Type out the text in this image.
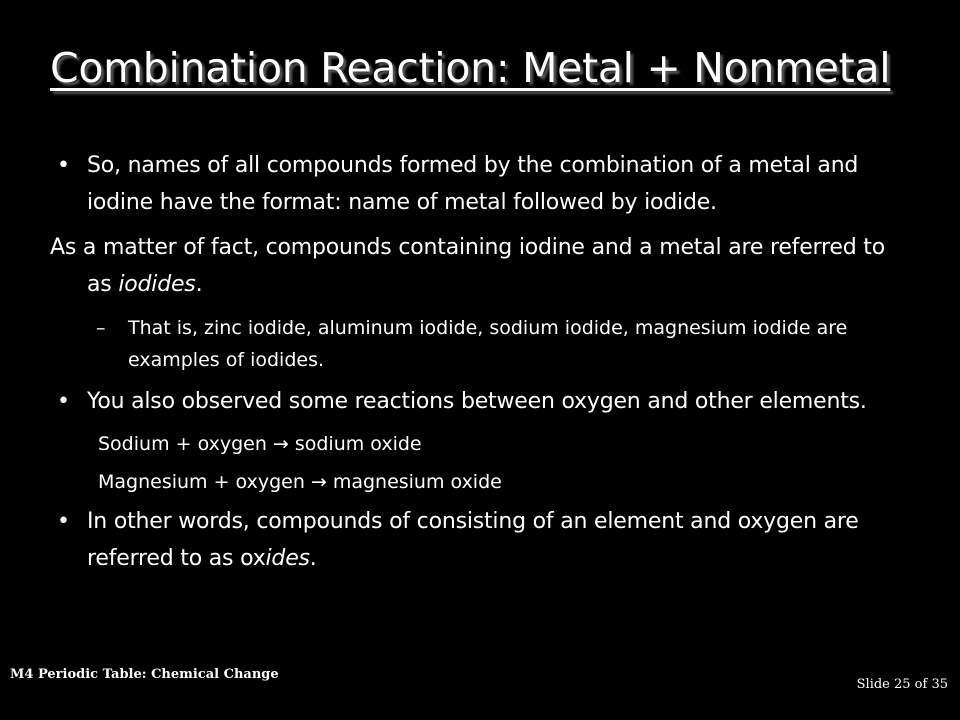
Combination Reaction: Metal + Nonmetal
• So, names of all compounds formed by the combination of a metal and iodine have the format: name of metal followed by iodide.
As a matter of fact, compounds containing iodine and a metal are referred to as iodides.
– That is, zinc iodide, aluminum iodide, sodium iodide, magnesium iodide are examples of iodides.
• You also observed some reactions between oxygen and other elements.
Sodium + oxygen → sodium oxide
Magnesium + oxygen → magnesium oxide
• In other words, compounds of consisting of an element and oxygen are referred to as oxides.
M4 Periodic Table: Chemical Change
Slide 25 of 35
